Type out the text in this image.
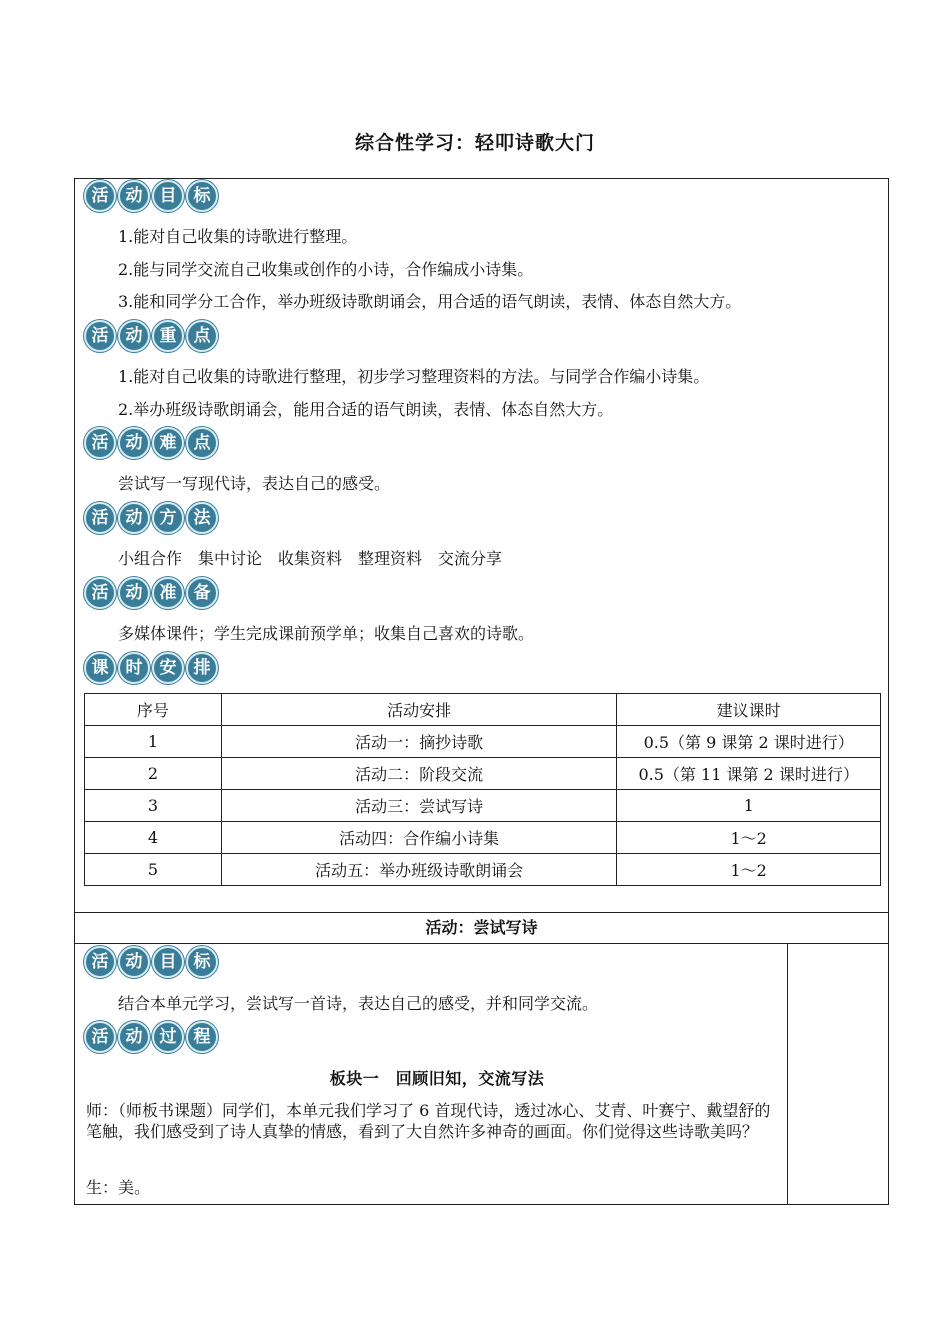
综合性学习：轻叩诗歌大门
活	动	目	标
1.能对自己收集的诗歌进行整理。
2.能与同学交流自己收集或创作的小诗，合作编成小诗集。
3.能和同学分工合作，举办班级诗歌朗诵会，用合适的语气朗读，表情、体态自然大方。
活	动	重	点
1.能对自己收集的诗歌进行整理，初步学习整理资料的方法。与同学合作编小诗集。
2.举办班级诗歌朗诵会，能用合适的语气朗读，表情、体态自然大方。
活	动	难	点
尝试写一写现代诗，表达自己的感受。
活	动	方	法
小组合作　集中讨论　收集资料　整理资料　交流分享
活	动	准	备
多媒体课件；学生完成课前预学单；收集自己喜欢的诗歌。
课	时	安	排
序号	活动安排	建议课时
1	活动一：摘抄诗歌	0.5（第 9 课第 2 课时进行）
2	活动二：阶段交流	0.5（第 11 课第 2 课时进行）
3	活动三：尝试写诗	1
4	活动四：合作编小诗集	1～2
5	活动五：举办班级诗歌朗诵会	1～2
活动：尝试写诗
活	动	目	标
结合本单元学习，尝试写一首诗，表达自己的感受，并和同学交流。
活	动	过	程
板块一　回顾旧知，交流写法
师：（师板书课题）同学们，本单元我们学习了 6 首现代诗，透过冰心、艾青、叶赛宁、戴望舒的笔触，我们感受到了诗人真挚的情感，看到了大自然许多神奇的画面。你们觉得这些诗歌美吗？
生：美。
